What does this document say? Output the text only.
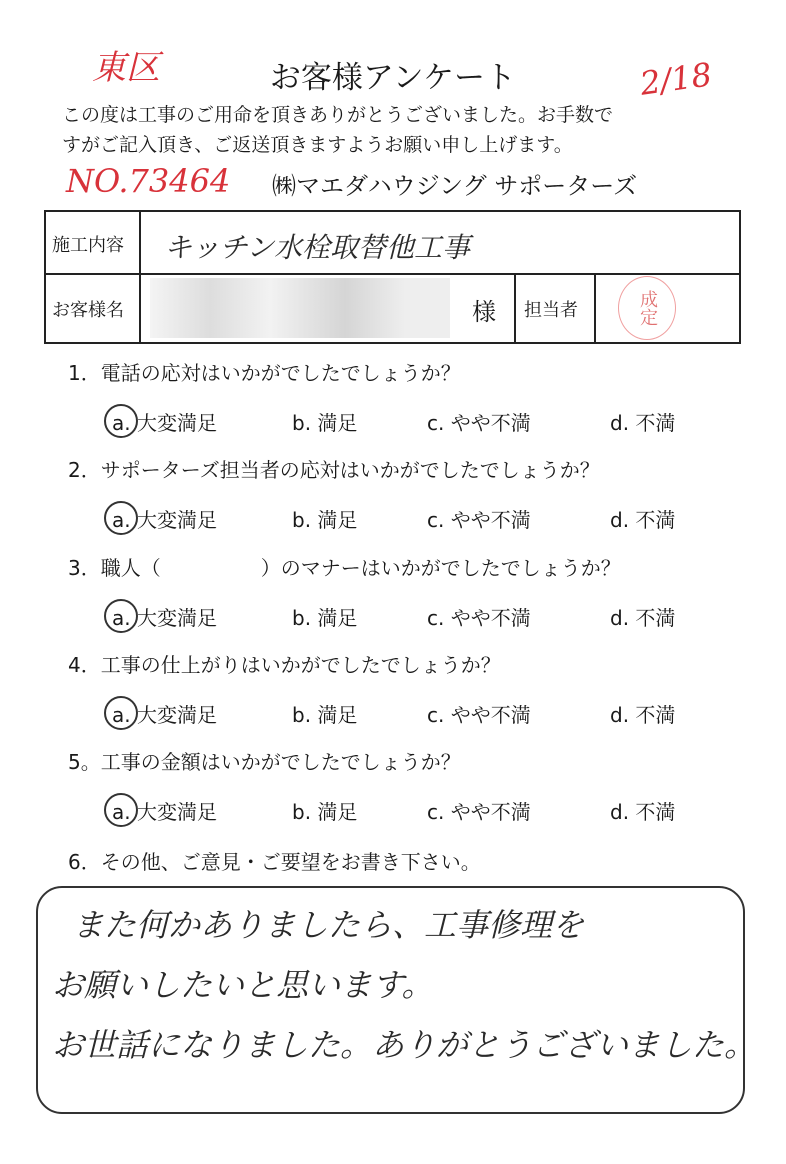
東区	お客様アンケート	2/18
この度は工事のご用命を頂きありがとうございました。お手数で
すがご記入頂き、ご返送頂きますようお願い申し上げます。
NO.73464 ㈱マエダハウジング サポーターズ
施工内容 キッチン水栓取替他工事
お客様名	様 担当者	成定
1．電話の応対はいかがでしたでしょうか？
a. 大変満足	b. 満足	c. やや不満	d. 不満
2．サポーターズ担当者の応対はいかがでしたでしょうか？
a. 大変満足	b. 満足	c. やや不満	d. 不満
3．職人（　　　　　）のマナーはいかがでしたでしょうか？
a. 大変満足	b. 満足	c. やや不満	d. 不満
4．工事の仕上がりはいかがでしたでしょうか？
a. 大変満足	b. 満足	c. やや不満	d. 不満
5。工事の金額はいかがでしたでしょうか？
a. 大変満足	b. 満足	c. やや不満	d. 不満
6．その他、ご意見・ご要望をお書き下さい。
また何かありましたら、工事修理を
お願いしたいと思います。
お世話になりました。ありがとうございました。
